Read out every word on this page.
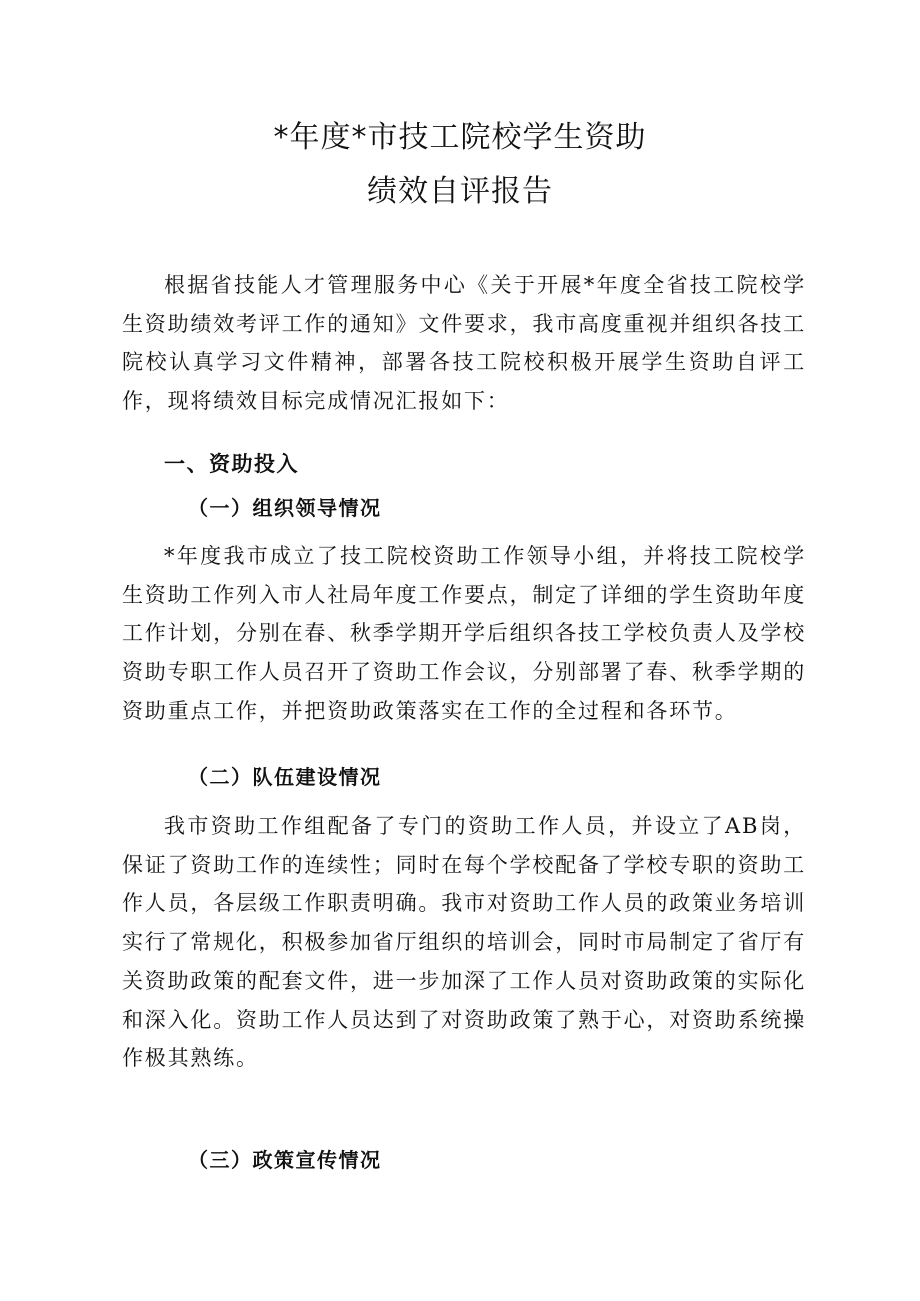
*年度*市技工院校学生资助
绩效自评报告
根据省技能人才管理服务中心《关于开展*年度全省技工院校学生资助绩效考评工作的通知》文件要求，我市高度重视并组织各技工院校认真学习文件精神，部署各技工院校积极开展学生资助自评工作，现将绩效目标完成情况汇报如下：
一、资助投入
（一）组织领导情况
*年度我市成立了技工院校资助工作领导小组，并将技工院校学生资助工作列入市人社局年度工作要点，制定了详细的学生资助年度工作计划，分别在春、秋季学期开学后组织各技工学校负责人及学校资助专职工作人员召开了资助工作会议，分别部署了春、秋季学期的资助重点工作，并把资助政策落实在工作的全过程和各环节。
（二）队伍建设情况
我市资助工作组配备了专门的资助工作人员，并设立了AB岗，保证了资助工作的连续性；同时在每个学校配备了学校专职的资助工作人员，各层级工作职责明确。我市对资助工作人员的政策业务培训实行了常规化，积极参加省厅组织的培训会，同时市局制定了省厅有关资助政策的配套文件，进一步加深了工作人员对资助政策的实际化和深入化。资助工作人员达到了对资助政策了熟于心，对资助系统操作极其熟练。
（三）政策宣传情况
